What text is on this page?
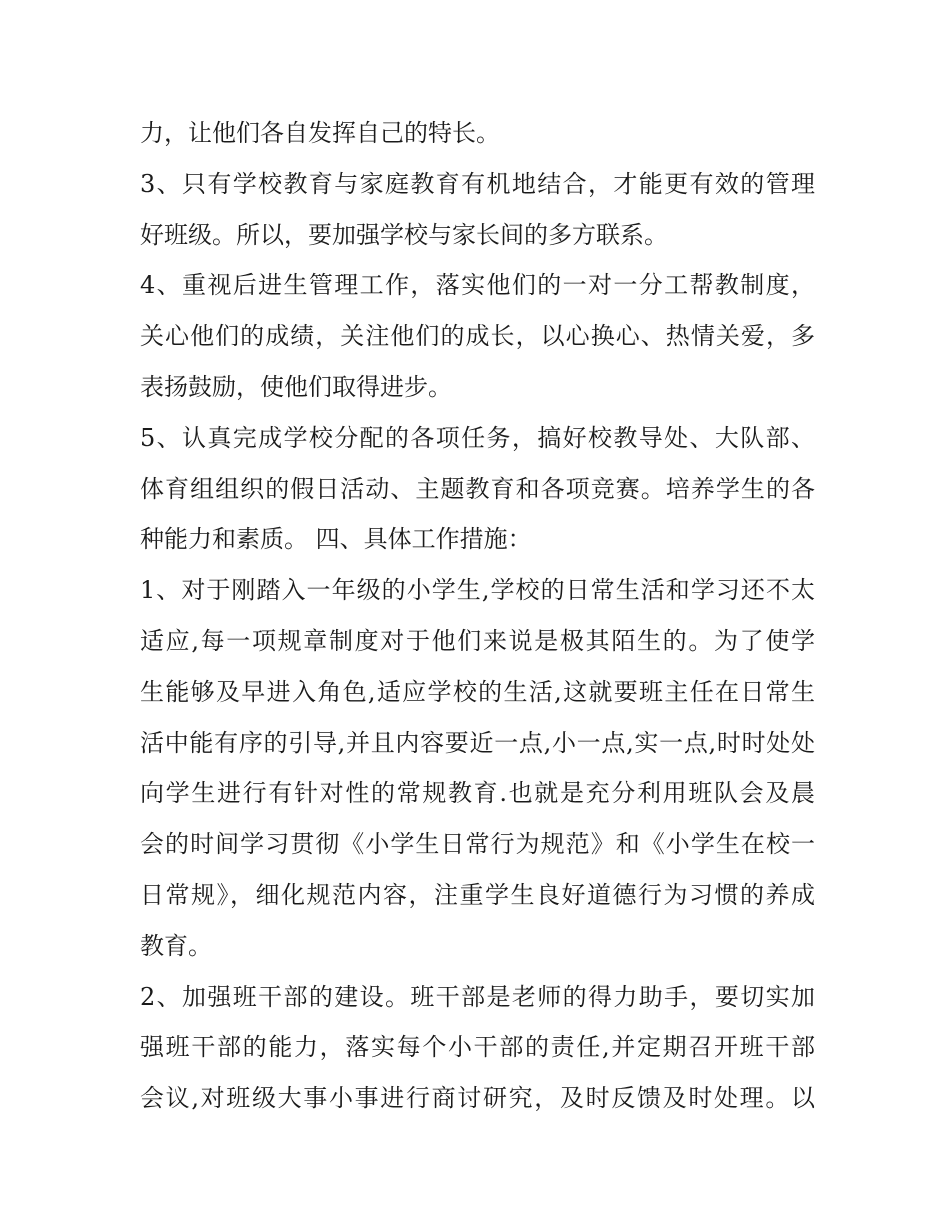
力，让他们各自发挥自己的特长。
3、只有学校教育与家庭教育有机地结合，才能更有效的管理
好班级。所以，要加强学校与家长间的多方联系。
4、重视后进生管理工作，落实他们的一对一分工帮教制度，
关心他们的成绩，关注他们的成长，以心换心、热情关爱，多
表扬鼓励，使他们取得进步。
5、认真完成学校分配的各项任务，搞好校教导处、大队部、
体育组组织的假日活动、主题教育和各项竞赛。培养学生的各
种能力和素质。 四、具体工作措施：
1、对于刚踏入一年级的小学生,学校的日常生活和学习还不太
适应,每一项规章制度对于他们来说是极其陌生的。为了使学
生能够及早进入角色,适应学校的生活,这就要班主任在日常生
活中能有序的引导,并且内容要近一点,小一点,实一点,时时处处
向学生进行有针对性的常规教育.也就是充分利用班队会及晨
会的时间学习贯彻《小学生日常行为规范》和《小学生在校一
日常规》，细化规范内容，注重学生良好道德行为习惯的养成
教育。
2、加强班干部的建设。班干部是老师的得力助手，要切实加
强班干部的能力，落实每个小干部的责任,并定期召开班干部
会议,对班级大事小事进行商讨研究，及时反馈及时处理。以
